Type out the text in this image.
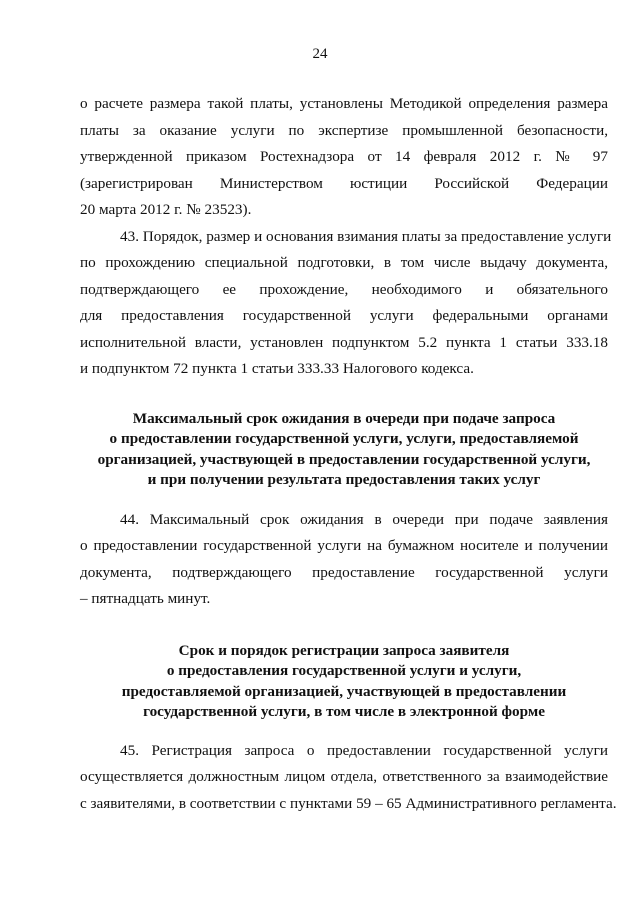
24
о расчете размера такой платы, установлены Методикой определения размера
платы за оказание услуги по экспертизе промышленной безопасности,
утвержденной приказом Ростехнадзора от 14 февраля 2012 г. № 97
(зарегистрирован Министерством юстиции Российской Федерации
20 марта 2012 г. № 23523).
43. Порядок, размер и основания взимания платы за предоставление услуги
по прохождению специальной подготовки, в том числе выдачу документа,
подтверждающего ее прохождение, необходимого и обязательного
для предоставления государственной услуги федеральными органами
исполнительной власти, установлен подпунктом 5.2 пункта 1 статьи 333.18
и подпунктом 72 пункта 1 статьи 333.33 Налогового кодекса.
Максимальный срок ожидания в очереди при подаче запроса
о предоставлении государственной услуги, услуги, предоставляемой
организацией, участвующей в предоставлении государственной услуги,
и при получении результата предоставления таких услуг
44. Максимальный срок ожидания в очереди при подаче заявления
о предоставлении государственной услуги на бумажном носителе и получении
документа, подтверждающего предоставление государственной услуги
– пятнадцать минут.
Срок и порядок регистрации запроса заявителя
о предоставления государственной услуги и услуги,
предоставляемой организацией, участвующей в предоставлении
государственной услуги, в том числе в электронной форме
45. Регистрация запроса о предоставлении государственной услуги
осуществляется должностным лицом отдела, ответственного за взаимодействие
с заявителями, в соответствии с пунктами 59 – 65 Административного регламента.
